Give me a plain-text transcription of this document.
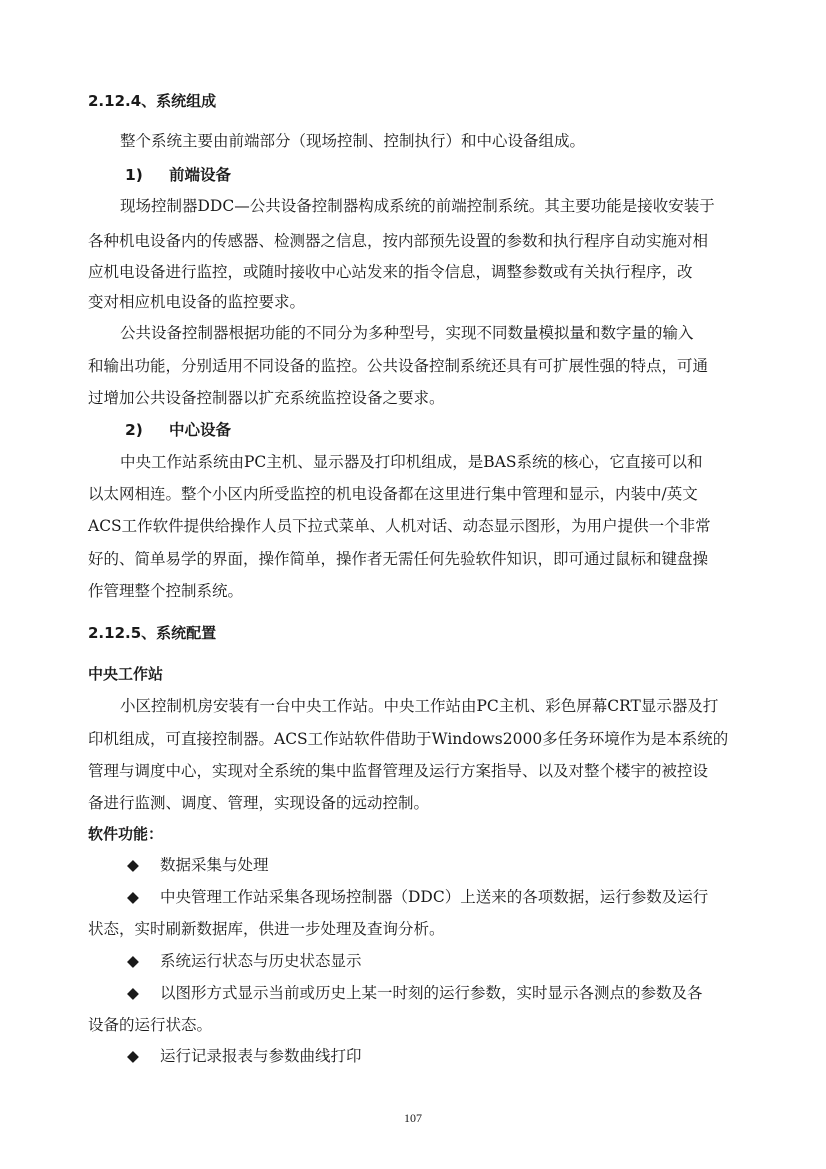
2.12.4、系统组成
整个系统主要由前端部分（现场控制、控制执行）和中心设备组成。
1) 前端设备
现场控制器DDC—公共设备控制器构成系统的前端控制系统。其主要功能是接收安装于
各种机电设备内的传感器、检测器之信息，按内部预先设置的参数和执行程序自动实施对相
应机电设备进行监控，或随时接收中心站发来的指令信息，调整参数或有关执行程序，改
变对相应机电设备的监控要求。
公共设备控制器根据功能的不同分为多种型号，实现不同数量模拟量和数字量的输入
和输出功能，分别适用不同设备的监控。公共设备控制系统还具有可扩展性强的特点，可通
过增加公共设备控制器以扩充系统监控设备之要求。
2) 中心设备
中央工作站系统由PC主机、显示器及打印机组成，是BAS系统的核心，它直接可以和
以太网相连。整个小区内所受监控的机电设备都在这里进行集中管理和显示，内装中/英文
ACS工作软件提供给操作人员下拉式菜单、人机对话、动态显示图形，为用户提供一个非常
好的、简单易学的界面，操作简单，操作者无需任何先验软件知识，即可通过鼠标和键盘操
作管理整个控制系统。
2.12.5、系统配置
中央工作站
小区控制机房安装有一台中央工作站。中央工作站由PC主机、彩色屏幕CRT显示器及打
印机组成，可直接控制器。ACS工作站软件借助于Windows2000多任务环境作为是本系统的
管理与调度中心，实现对全系统的集中监督管理及运行方案指导、以及对整个楼宇的被控设
备进行监测、调度、管理，实现设备的远动控制。
软件功能：
◆ 数据采集与处理
◆ 中央管理工作站采集各现场控制器（DDC）上送来的各项数据，运行参数及运行
状态，实时刷新数据库，供进一步处理及查询分析。
◆ 系统运行状态与历史状态显示
◆ 以图形方式显示当前或历史上某一时刻的运行参数，实时显示各测点的参数及各
设备的运行状态。
◆ 运行记录报表与参数曲线打印
107
